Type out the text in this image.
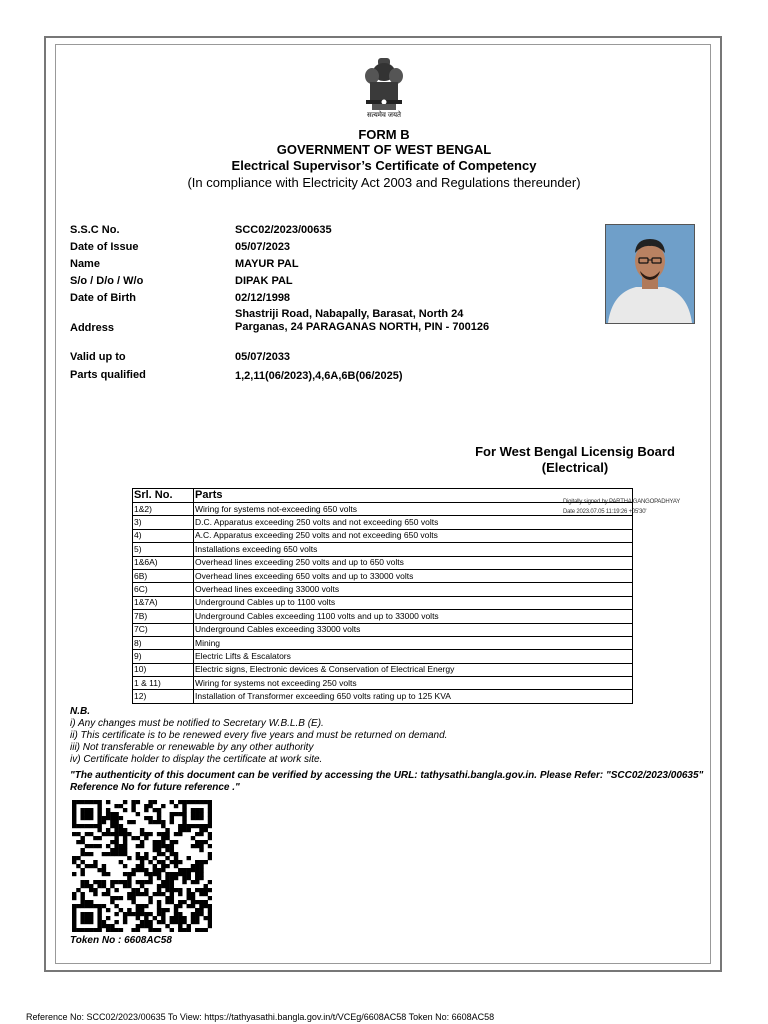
सत्यमेव जयते
FORM B
GOVERNMENT OF WEST BENGAL
Electrical Supervisor’s Certificate of Competency
(In compliance with Electricity Act 2003 and Regulations thereunder)
S.S.C No.	SCC02/2023/00635
Date of Issue	05/07/2023
Name	MAYUR PAL
S/o / D/o / W/o	DIPAK PAL
Date of Birth	02/12/1998
Address
Shastriji Road, Nabapally, Barasat, North 24 Parganas, 24 PARAGANAS NORTH, PIN - 700126
Valid up to	05/07/2033
Parts qualified	1,2,11(06/2023),4,6A,6B(06/2025)
For West Bengal Licensig Board
(Electrical)
Digitally signed by PARTHA GANGOPADHYAY
Date 2023.07.05 11:19:26 +05'30'
Srl. No.	Parts
1&2)	Wiring for systems not-exceeding 650 volts
3)	D.C. Apparatus exceeding 250 volts and not exceeding 650 volts
4)	A.C. Apparatus exceeding 250 volts and not exceeding 650 volts
5)	Installations exceeding 650 volts
1&6A)	Overhead lines exceeding 250 volts and up to 650 volts
6B)	Overhead lines exceeding 650 volts and up to 33000 volts
6C)	Overhead lines exceeding 33000 volts
1&7A)	Underground Cables up to 1100 volts
7B)	Underground Cables exceeding 1100 volts and up to 33000 volts
7C)	Underground Cables exceeding 33000 volts
8)	Mining
9)	Electric Lifts & Escalators
10)	Electric signs, Electronic devices & Conservation of Electrical Energy
1 & 11)	Wiring for systems not exceeding 250 volts
12)	Installation of Transformer exceeding 650 volts rating up to 125 KVA
N.B.
i) Any changes must be notified to Secretary W.B.L.B (E).
ii) This certificate is to be renewed every five years and must be returned on demand.
iii) Not transferable or renewable by any other authority
iv) Certificate holder to display the certificate at work site.
"The authenticity of this document can be verified by accessing the URL: tathysathi.bangla.gov.in. Please Refer: "SCC02/2023/00635" Reference No for future reference ."
Token No : 6608AC58
Reference No: SCC02/2023/00635 To View: https://tathyasathi.bangla.gov.in/t/VCEg/6608AC58 Token No: 6608AC58
